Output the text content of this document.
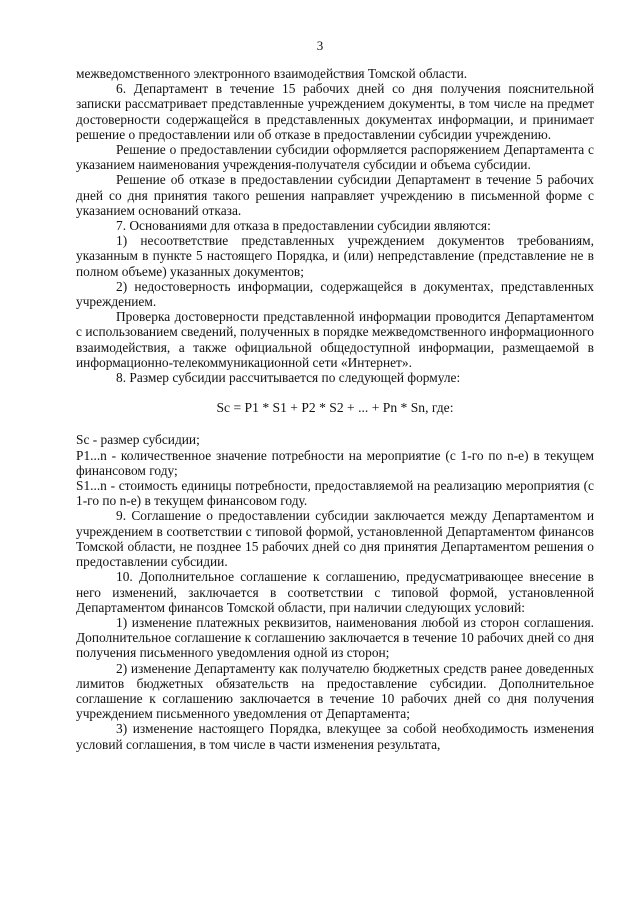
3

межведомственного электронного взаимодействия Томской области.

6. Департамент в течение 15 рабочих дней со дня получения пояснительной записки рассматривает представленные учреждением документы, в том числе на предмет достоверности содержащейся в представленных документах информации, и принимает решение о предоставлении или об отказе в предоставлении субсидии учреждению.

Решение о предоставлении субсидии оформляется распоряжением Департамента с указанием наименования учреждения-получателя субсидии и объема субсидии.

Решение об отказе в предоставлении субсидии Департамент в течение 5 рабочих дней со дня принятия такого решения направляет учреждению в письменной форме с указанием оснований отказа.

7. Основаниями для отказа в предоставлении субсидии являются:

1) несоответствие представленных учреждением документов требованиям, указанным в пункте 5 настоящего Порядка, и (или) непредставление (представление не в полном объеме) указанных документов;

2) недостоверность информации, содержащейся в документах, представленных учреждением.

Проверка достоверности представленной информации проводится Департаментом с использованием сведений, полученных в порядке межведомственного информационного взаимодействия, а также официальной общедоступной информации, размещаемой в информационно-телекоммуникационной сети «Интернет».

8. Размер субсидии рассчитывается по следующей формуле:

Sc = P1 * S1 + P2 * S2 + ... + Pn * Sn, где:

Sc - размер субсидии;

P1...n - количественное значение потребности на мероприятие (с 1-го по n-е) в текущем финансовом году;

S1...n - стоимость единицы потребности, предоставляемой на реализацию мероприятия (с 1-го по n-е) в текущем финансовом году.

9. Соглашение о предоставлении субсидии заключается между Департаментом и учреждением в соответствии с типовой формой, установленной Департаментом финансов Томской области, не позднее 15 рабочих дней со дня принятия Департаментом решения о предоставлении субсидии.

10. Дополнительное соглашение к соглашению, предусматривающее внесение в него изменений, заключается в соответствии с типовой формой, установленной Департаментом финансов Томской области, при наличии следующих условий:

1) изменение платежных реквизитов, наименования любой из сторон соглашения. Дополнительное соглашение к соглашению заключается в течение 10 рабочих дней со дня получения письменного уведомления одной из сторон;

2) изменение Департаменту как получателю бюджетных средств ранее доведенных лимитов бюджетных обязательств на предоставление субсидии. Дополнительное соглашение к соглашению заключается в течение 10 рабочих дней со дня получения учреждением письменного уведомления от Департамента;

3) изменение настоящего Порядка, влекущее за собой необходимость изменения условий соглашения, в том числе в части изменения результата,
